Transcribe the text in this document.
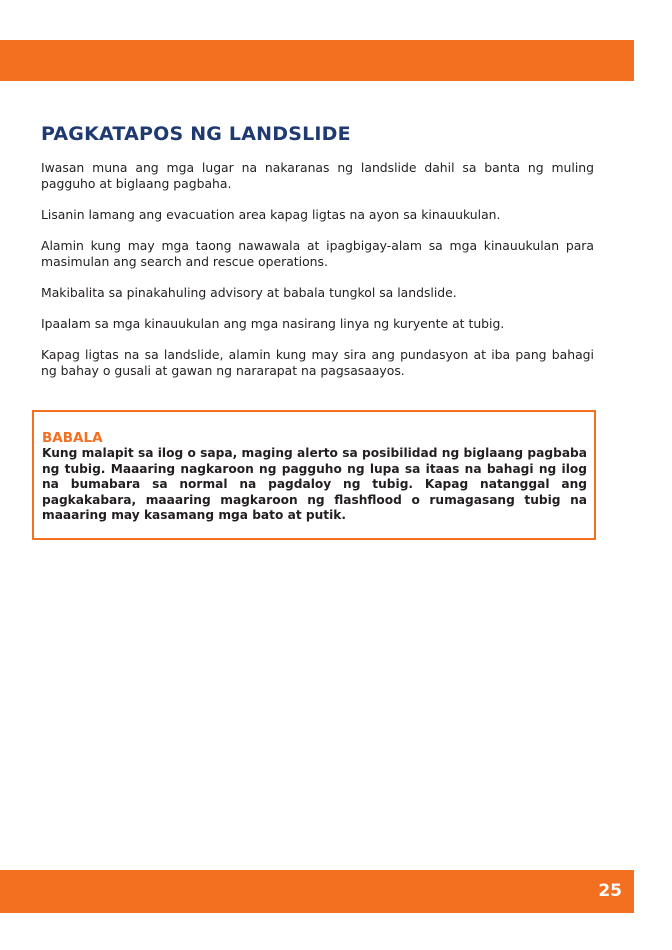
PAGKATAPOS NG LANDSLIDE

Iwasan muna ang mga lugar na nakaranas ng landslide dahil sa banta ng muling pagguho at biglaang pagbaha.

Lisanin lamang ang evacuation area kapag ligtas na ayon sa kinauukulan.

Alamin kung may mga taong nawawala at ipagbigay-alam sa mga kinauukulan para masimulan ang search and rescue operations.

Makibalita sa pinakahuling advisory at babala tungkol sa landslide.

Ipaalam sa mga kinauukulan ang mga nasirang linya ng kuryente at tubig.

Kapag ligtas na sa landslide, alamin kung may sira ang pundasyon at iba pang bahagi ng bahay o gusali at gawan ng nararapat na pagsasaayos.

BABALA

Kung malapit sa ilog o sapa, maging alerto sa posibilidad ng biglaang pagbaba ng tubig. Maaaring nagkaroon ng pagguho ng lupa sa itaas na bahagi ng ilog na bumabara sa normal na pagdaloy ng tubig. Kapag natanggal ang pagkakabara, maaaring magkaroon ng flashflood o rumagasang tubig na maaaring may kasamang mga bato at putik.

25
